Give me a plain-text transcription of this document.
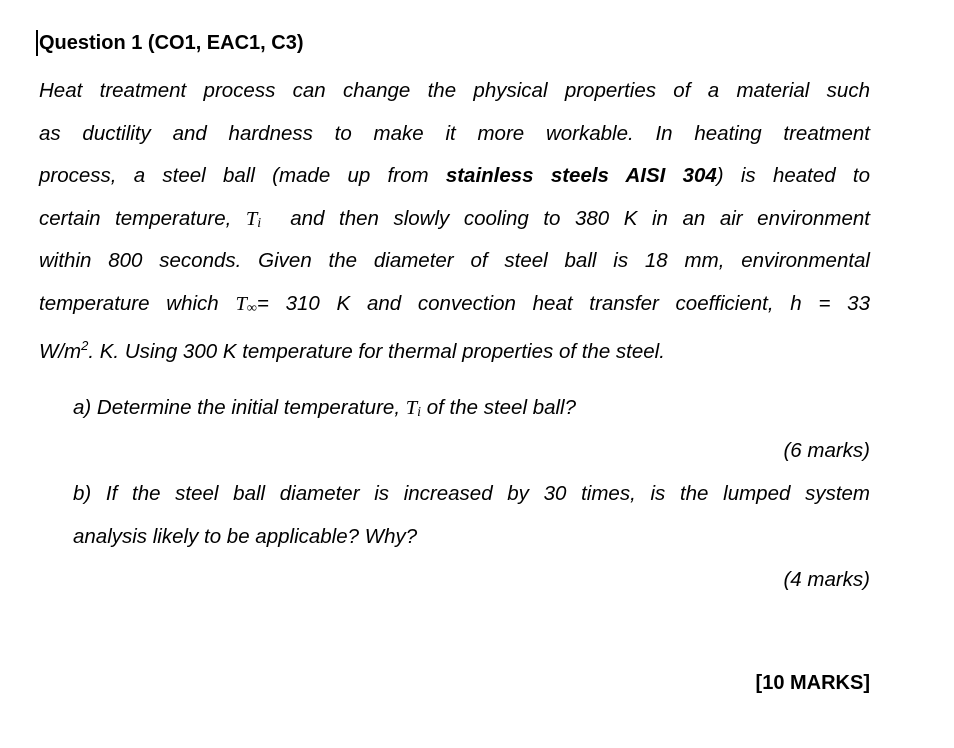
Question 1 (CO1, EAC1, C3)
Heat treatment process can change the physical properties of a material such
as ductility and hardness to make it more workable. In heating treatment
process, a steel ball (made up from stainless steels AISI 304) is heated to
certain temperature, Ti  and then slowly cooling to 380 K in an air environment
within 800 seconds. Given the diameter of steel ball is 18 mm, environmental
temperature which T∞= 310 K and convection heat transfer coefficient, h = 33
$W/m^2$. K. Using 300 K temperature for thermal properties of the steel.
a) Determine the initial temperature, Ti of the steel ball?
(6 marks)
b) If the steel ball diameter is increased by 30 times, is the lumped system
analysis likely to be applicable? Why?
(4 marks)
[10 MARKS]
